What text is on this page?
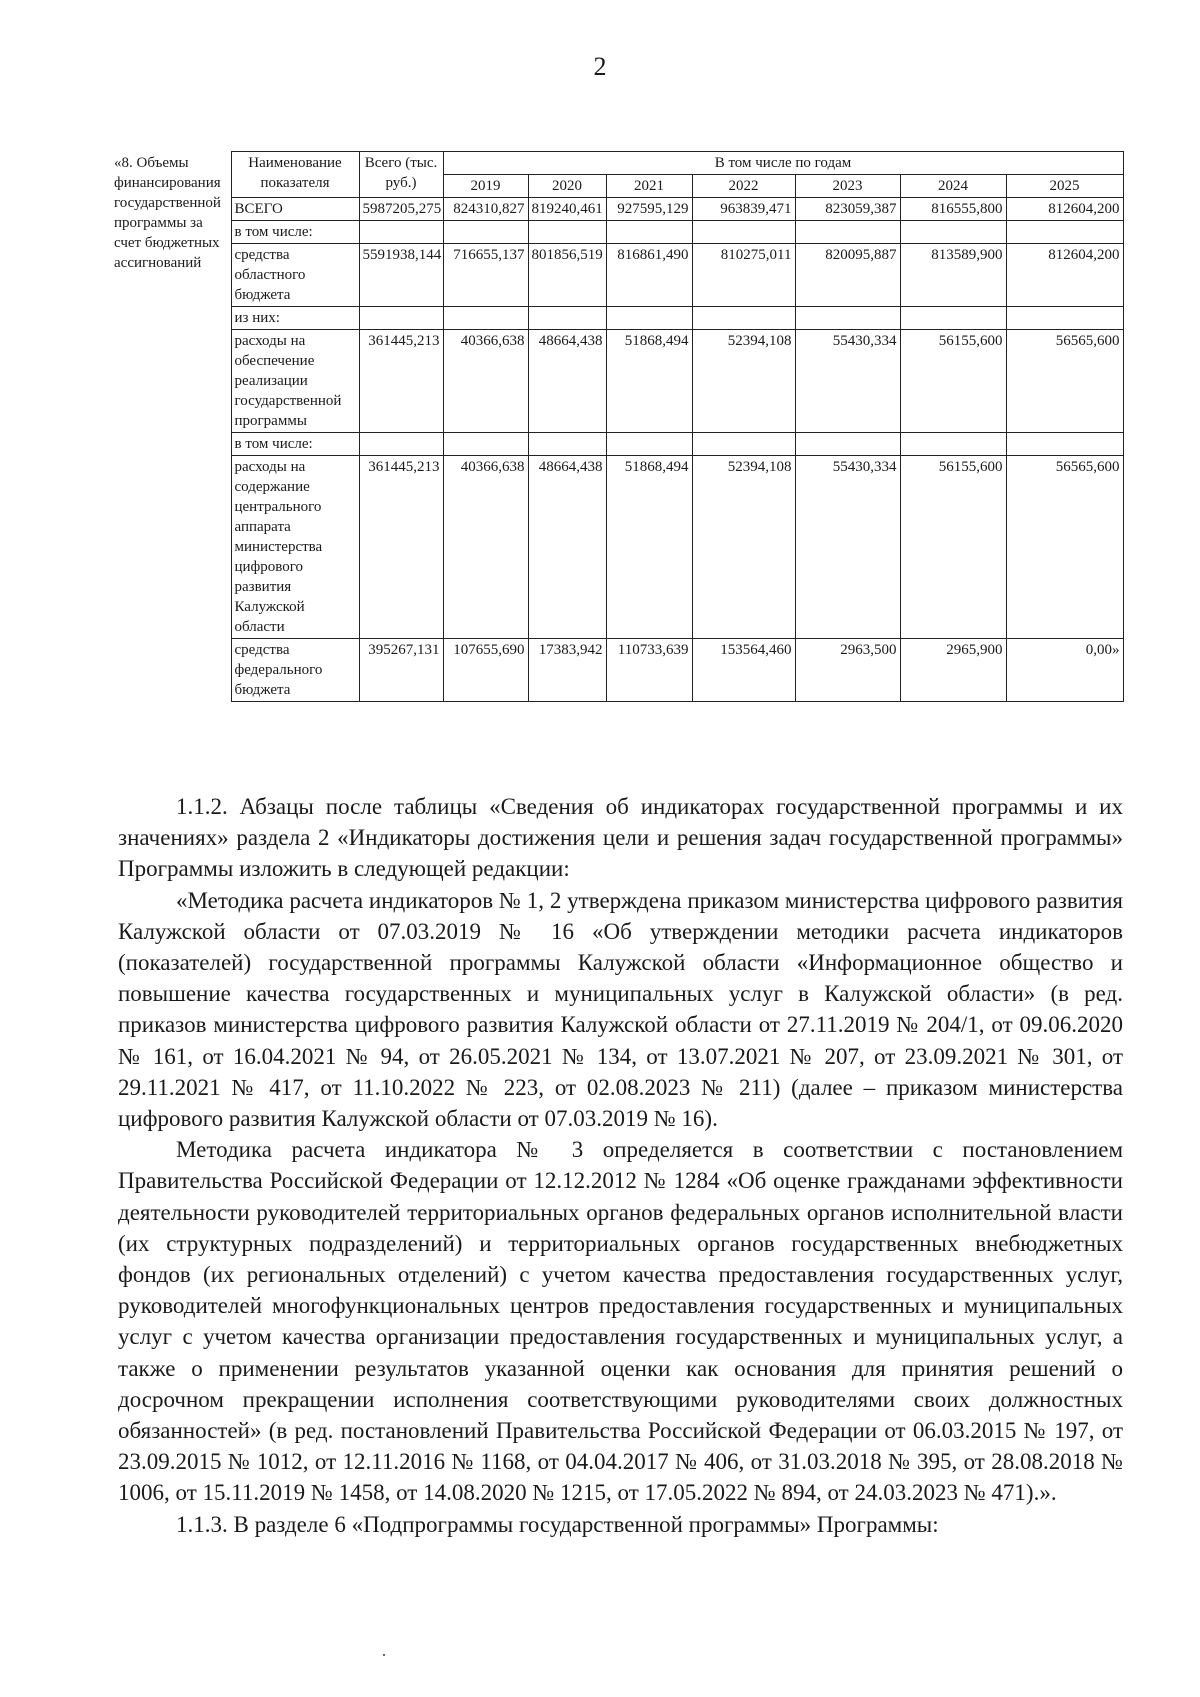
2
«8. Объемы финансирования государственной программы за счет бюджетных ассигнований	Наименование показателя	Всего (тыс. руб.)	В том числе по годам						
			2019	2020	2021	2022	2023	2024	2025
	ВСЕГО	5987205,275	824310,827	819240,461	927595,129	963839,471	823059,387	816555,800	812604,200
	в том числе:								
	средства областного бюджета	5591938,144	716655,137	801856,519	816861,490	810275,011	820095,887	813589,900	812604,200
	из них:								
	расходы на обеспечение реализации государственной программы	361445,213	40366,638	48664,438	51868,494	52394,108	55430,334	56155,600	56565,600
	в том числе:								
	расходы на содержание центрального аппарата министерства цифрового развития Калужской области	361445,213	40366,638	48664,438	51868,494	52394,108	55430,334	56155,600	56565,600
	средства федерального бюджета	395267,131	107655,690	17383,942	110733,639	153564,460	2963,500	2965,900	0,00»

1.1.2. Абзацы после таблицы «Сведения об индикаторах государственной программы и их значениях» раздела 2 «Индикаторы достижения цели и решения задач государственной программы» Программы изложить в следующей редакции:

«Методика расчета индикаторов № 1, 2 утверждена приказом министерства цифрового развития Калужской области от 07.03.2019 № 16 «Об утверждении методики расчета индикаторов (показателей) государственной программы Калужской области «Информационное общество и повышение качества государственных и муниципальных услуг в Калужской области» (в ред. приказов министерства цифрового развития Калужской области от 27.11.2019 № 204/1, от 09.06.2020 № 161, от 16.04.2021 № 94, от 26.05.2021 № 134, от 13.07.2021 № 207, от 23.09.2021 № 301, от 29.11.2021 № 417, от 11.10.2022 № 223, от 02.08.2023 № 211) (далее – приказом министерства цифрового развития Калужской области от 07.03.2019 № 16).

Методика расчета индикатора № 3 определяется в соответствии с постановлением Правительства Российской Федерации от 12.12.2012 № 1284 «Об оценке гражданами эффективности деятельности руководителей территориальных органов федеральных органов исполнительной власти (их структурных подразделений) и территориальных органов государственных внебюджетных фондов (их региональных отделений) с учетом качества предоставления государственных услуг, руководителей многофункциональных центров предоставления государственных и муниципальных услуг с учетом качества организации предоставления государственных и муниципальных услуг, а также о применении результатов указанной оценки как основания для принятия решений о досрочном прекращении исполнения соответствующими руководителями своих должностных обязанностей» (в ред. постановлений Правительства Российской Федерации от 06.03.2015 № 197, от 23.09.2015 № 1012, от 12.11.2016 № 1168, от 04.04.2017 № 406, от 31.03.2018 № 395, от 28.08.2018 № 1006, от 15.11.2019 № 1458, от 14.08.2020 № 1215, от 17.05.2022 № 894, от 24.03.2023 № 471).».

1.1.3. В разделе 6 «Подпрограммы государственной программы» Программы:
